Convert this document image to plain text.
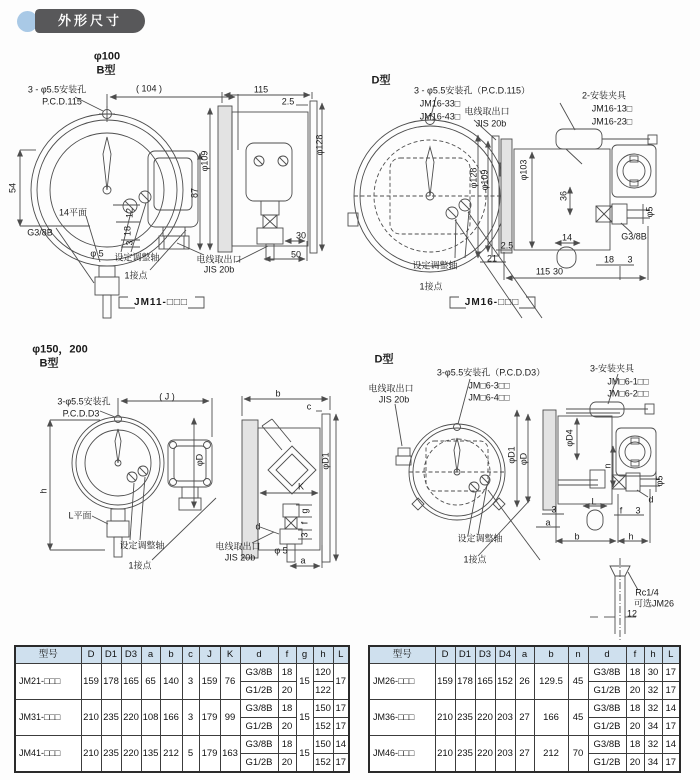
外形尺寸
φ100
B型
3 - φ5.5安装孔
P.C.D.115
( 104 )
54
14平面
G3/8B
φ 5 设定调整轴
1接点
电线取出口
JIS 20b
87
12
18
3
115
2.5
φ109
φ128
30
50
JM11-□□□
D型
3 - φ5.5安装孔（P.C.D.115）
JM16-33□
JM16-43□ 电线取出口
JIS 20b
2-安装夹具
JM16-13□
JM16-23□
φ128 φ109	φ103
36
φ5
G3/8B
14
2.5
21
115 30
18 3
设定调整轴
1接点
JM16-□□□
φ150，200
B型
3-φ5.5安装孔
P.C.D.D3
( J )
h
L平面
设定调整轴
1接点
φD
电线取出口
JIS 20b
b
c
φD1
K
d
g
f
3
φ 5
a
D型
3-φ5.5安装孔（P.C.D.D3）
JM□6-3□□
JM□6-4□□
电线取出口
JIS 20b
3-安装夹具
JM□6-1□□
JM□6-2□□
φD1 φD
φD4
n
φ5
d
L
3
a
f 3
b	h
设定调整轴
1接点
Rc1/4
可选JM26
12
型号	D	D1	D3	a	b	c	J	K	d	f	g	h	L
JM21-□□□	159	178	165	65	140	3	159	76	G3/8B	18	15	120	17
									G1/2B	20		122	
JM31-□□□	210	235	220	108	166	3	179	99	G3/8B	18	15	150	17
									G1/2B	20		152	17
JM41-□□□	210	235	220	135	212	5	179	163	G3/8B	18	15	150	14
									G1/2B	20		152	17
型号	D	D1	D3	D4	a	b	n	d	f	h	L
JM26-□□□	159	178	165	152	26	129.5	45	G3/8B	18	30	17
								G1/2B	20	32	17
JM36-□□□	210	235	220	203	27	166	45	G3/8B	18	32	14
								G1/2B	20	34	17
JM46-□□□	210	235	220	203	27	212	70	G3/8B	18	32	14
								G1/2B	20	34	17
